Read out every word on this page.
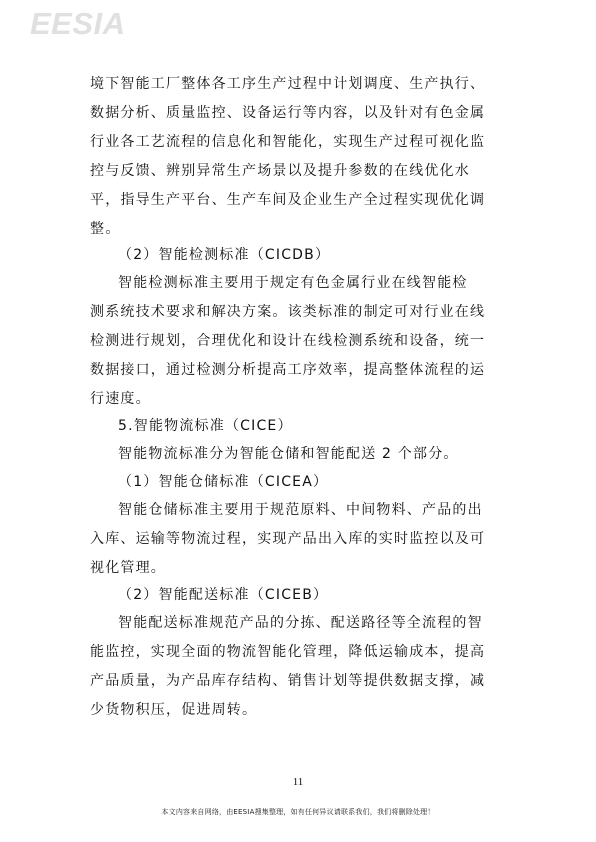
EESIA
境下智能工厂整体各工序生产过程中计划调度、生产执行、
数据分析、质量监控、设备运行等内容，以及针对有色金属
行业各工艺流程的信息化和智能化，实现生产过程可视化监
控与反馈、辨别异常生产场景以及提升参数的在线优化水
平，指导生产平台、生产车间及企业生产全过程实现优化调
整。
（2）智能检测标准（CICDB）
智能检测标准主要用于规定有色金属行业在线智能检
测系统技术要求和解决方案。该类标准的制定可对行业在线
检测进行规划，合理优化和设计在线检测系统和设备，统一
数据接口，通过检测分析提高工序效率，提高整体流程的运
行速度。
5.智能物流标准（CICE）
智能物流标准分为智能仓储和智能配送 2 个部分。
（1）智能仓储标准（CICEA）
智能仓储标准主要用于规范原料、中间物料、产品的出
入库、运输等物流过程，实现产品出入库的实时监控以及可
视化管理。
（2）智能配送标准（CICEB）
智能配送标准规范产品的分拣、配送路径等全流程的智
能监控，实现全面的物流智能化管理，降低运输成本，提高
产品质量，为产品库存结构、销售计划等提供数据支撑，减
少货物积压，促进周转。
11
本文内容来自网络，由EESIA搜集整理，如有任何异议请联系我们，我们将删除处理！
